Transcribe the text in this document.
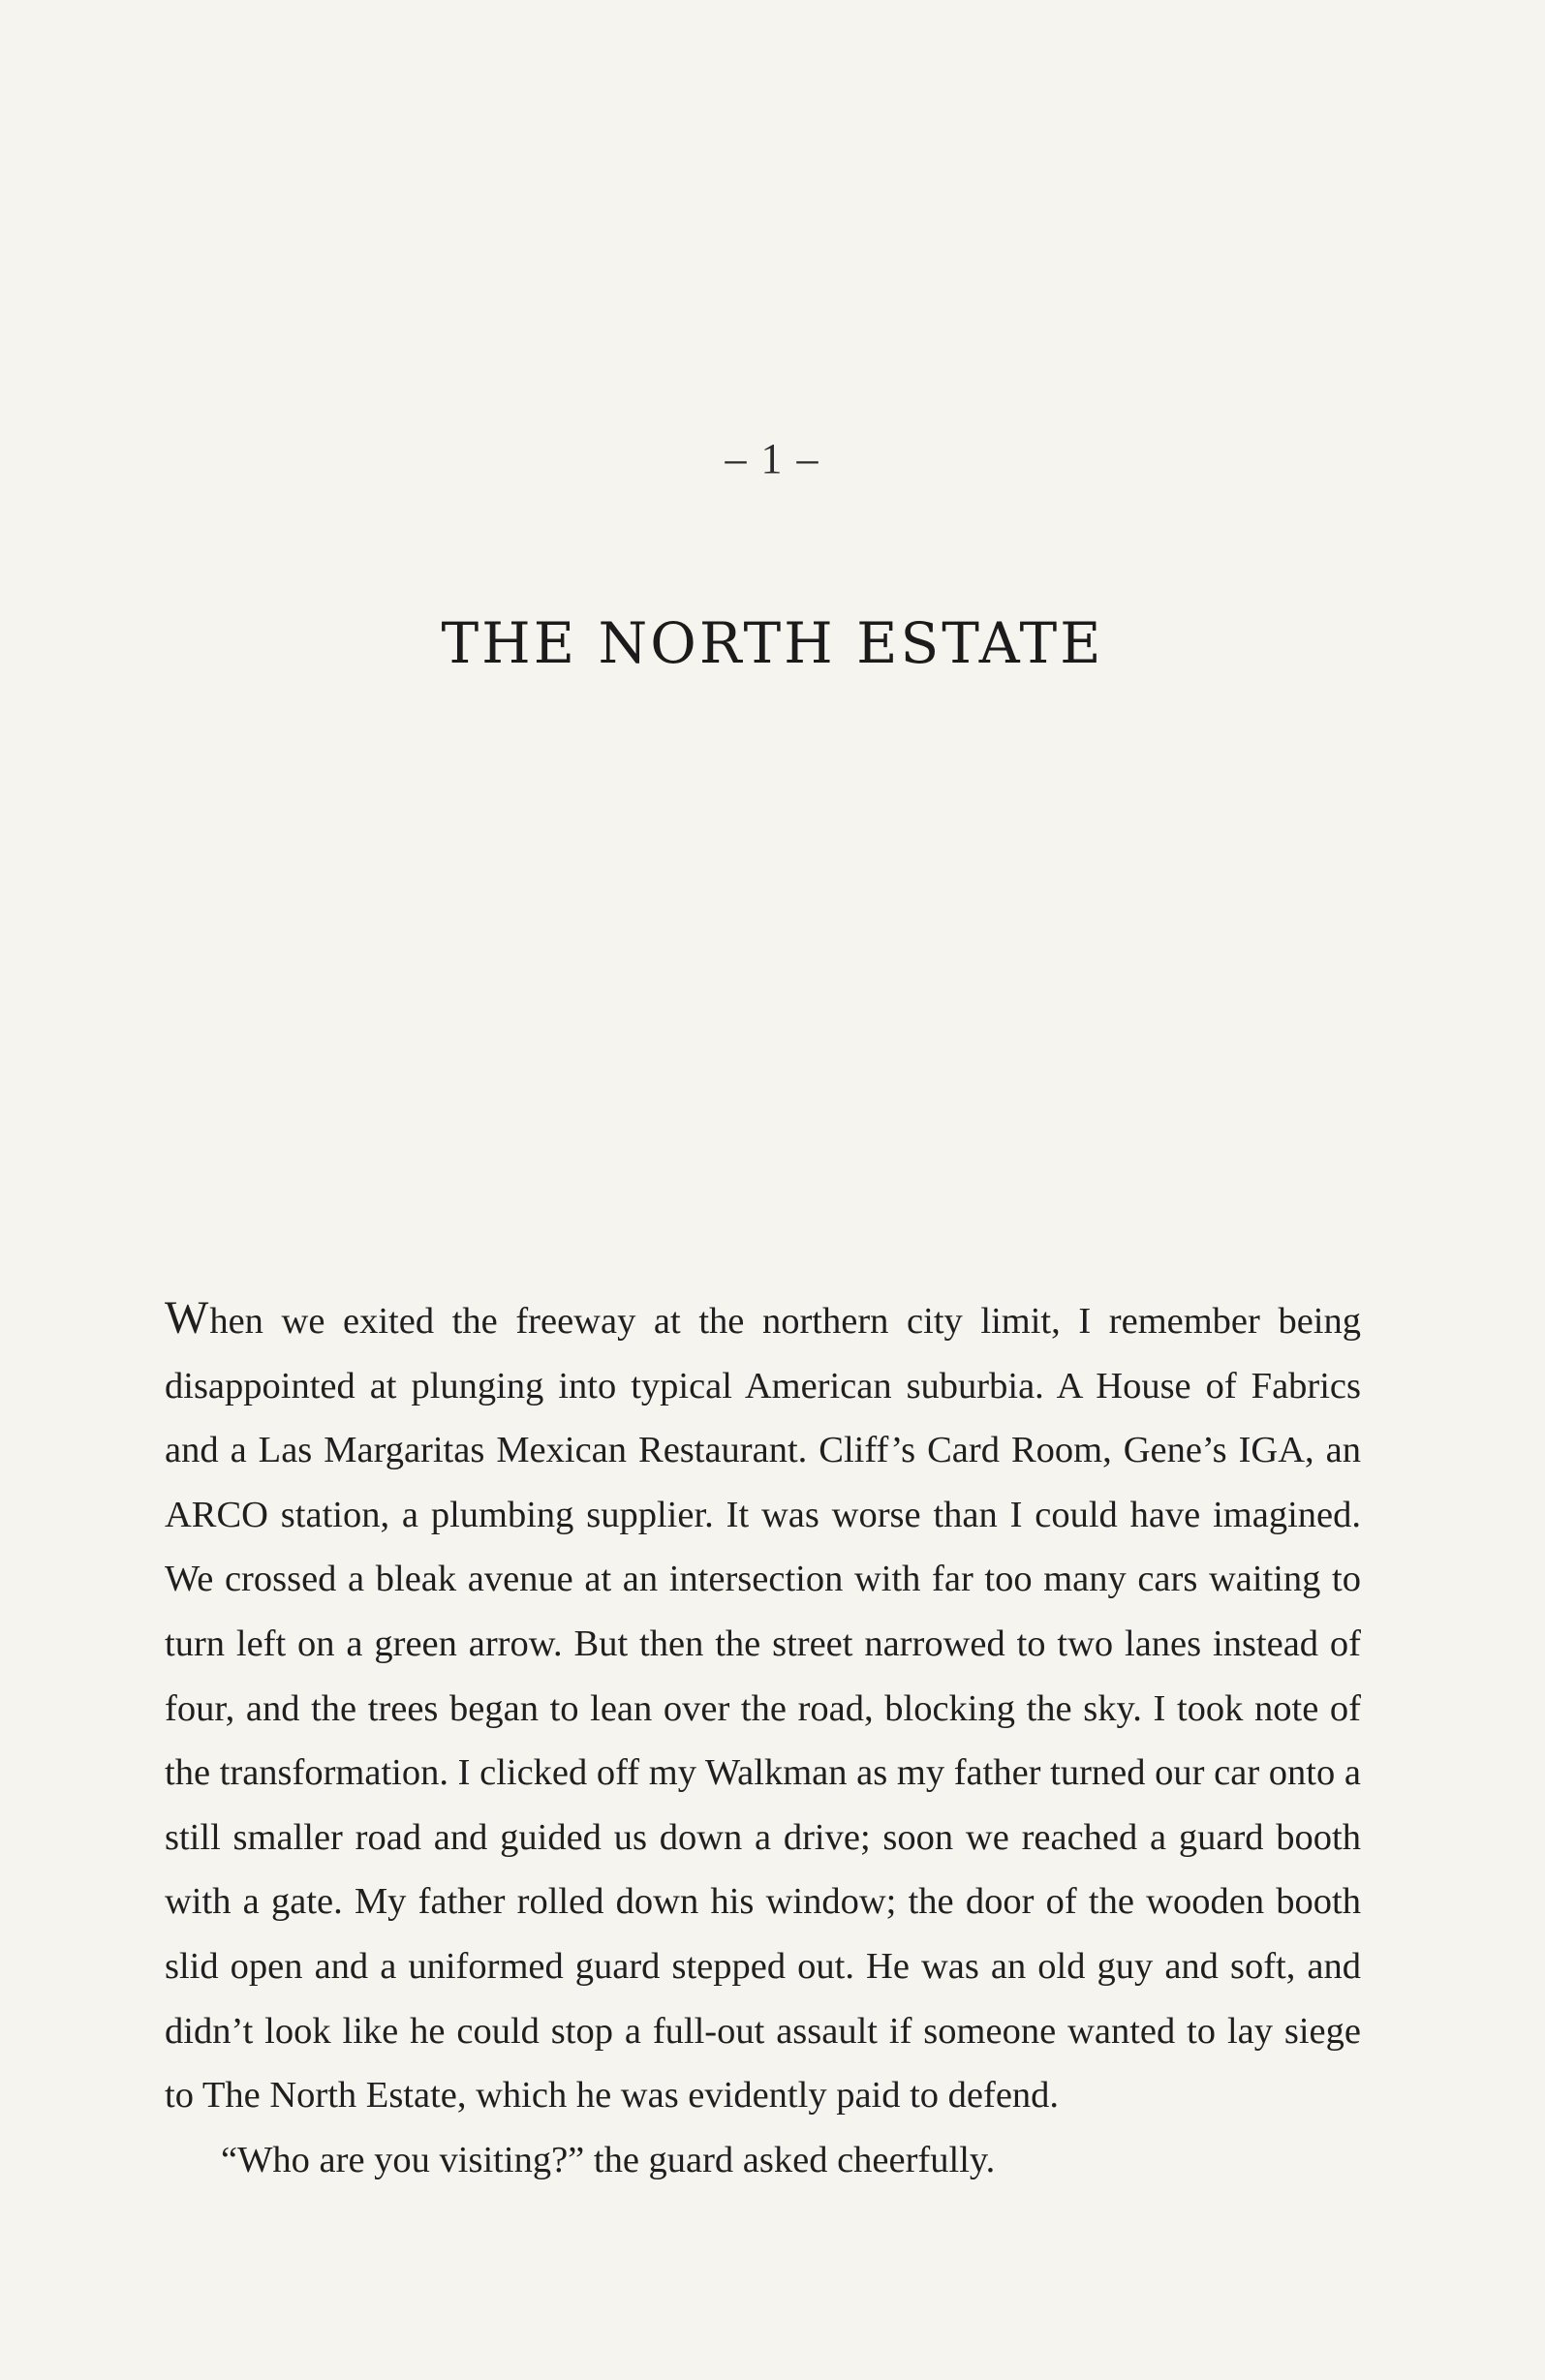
– 1 –
THE NORTH ESTATE

When we exited the freeway at the northern city limit, I remember being disappointed at plunging into typical American suburbia. A House of Fabrics and a Las Margaritas Mexican Restaurant. Cliff’s Card Room, Gene’s IGA, an ARCO station, a plumbing supplier. It was worse than I could have imagined. We crossed a bleak avenue at an intersection with far too many cars waiting to turn left on a green arrow. But then the street narrowed to two lanes instead of four, and the trees began to lean over the road, blocking the sky. I took note of the transformation. I clicked off my Walkman as my father turned our car onto a still smaller road and guided us down a drive; soon we reached a guard booth with a gate. My father rolled down his window; the door of the wooden booth slid open and a uniformed guard stepped out. He was an old guy and soft, and didn’t look like he could stop a full-out assault if someone wanted to lay siege to The North Estate, which he was evidently paid to defend.
“Who are you visiting?” the guard asked cheerfully.
